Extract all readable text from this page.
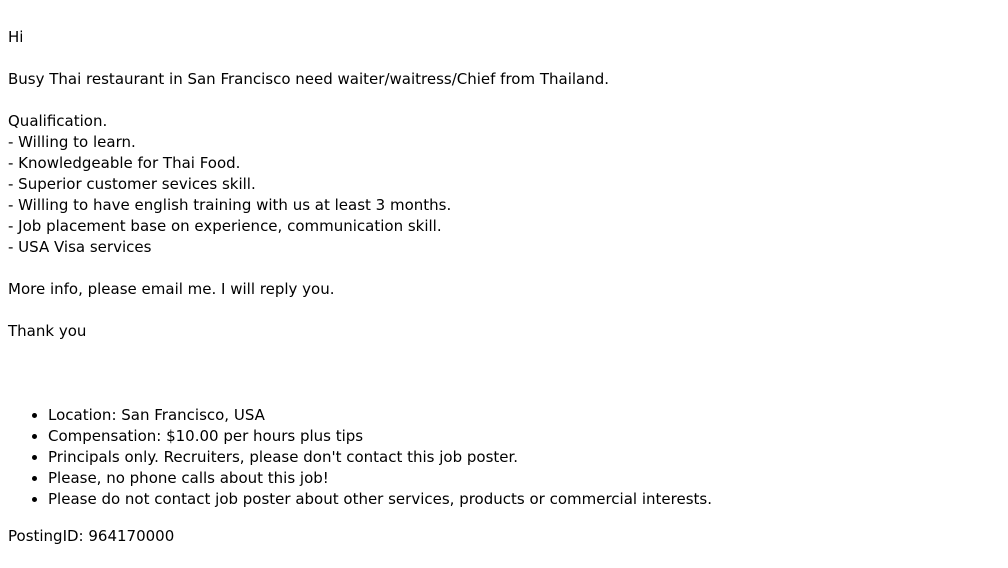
Hi
Busy Thai restaurant in San Francisco need waiter/waitress/Chief from Thailand.
Qualification.
- Willing to learn.
- Knowledgeable for Thai Food.
- Superior customer sevices skill.
- Willing to have english training with us at least 3 months.
- Job placement base on experience, communication skill.
- USA Visa services
More info, please email me. I will reply you.
Thank you
• Location: San Francisco, USA
• Compensation: $10.00 per hours plus tips
• Principals only. Recruiters, please don't contact this job poster.
• Please, no phone calls about this job!
• Please do not contact job poster about other services, products or commercial interests.
PostingID: 964170000
